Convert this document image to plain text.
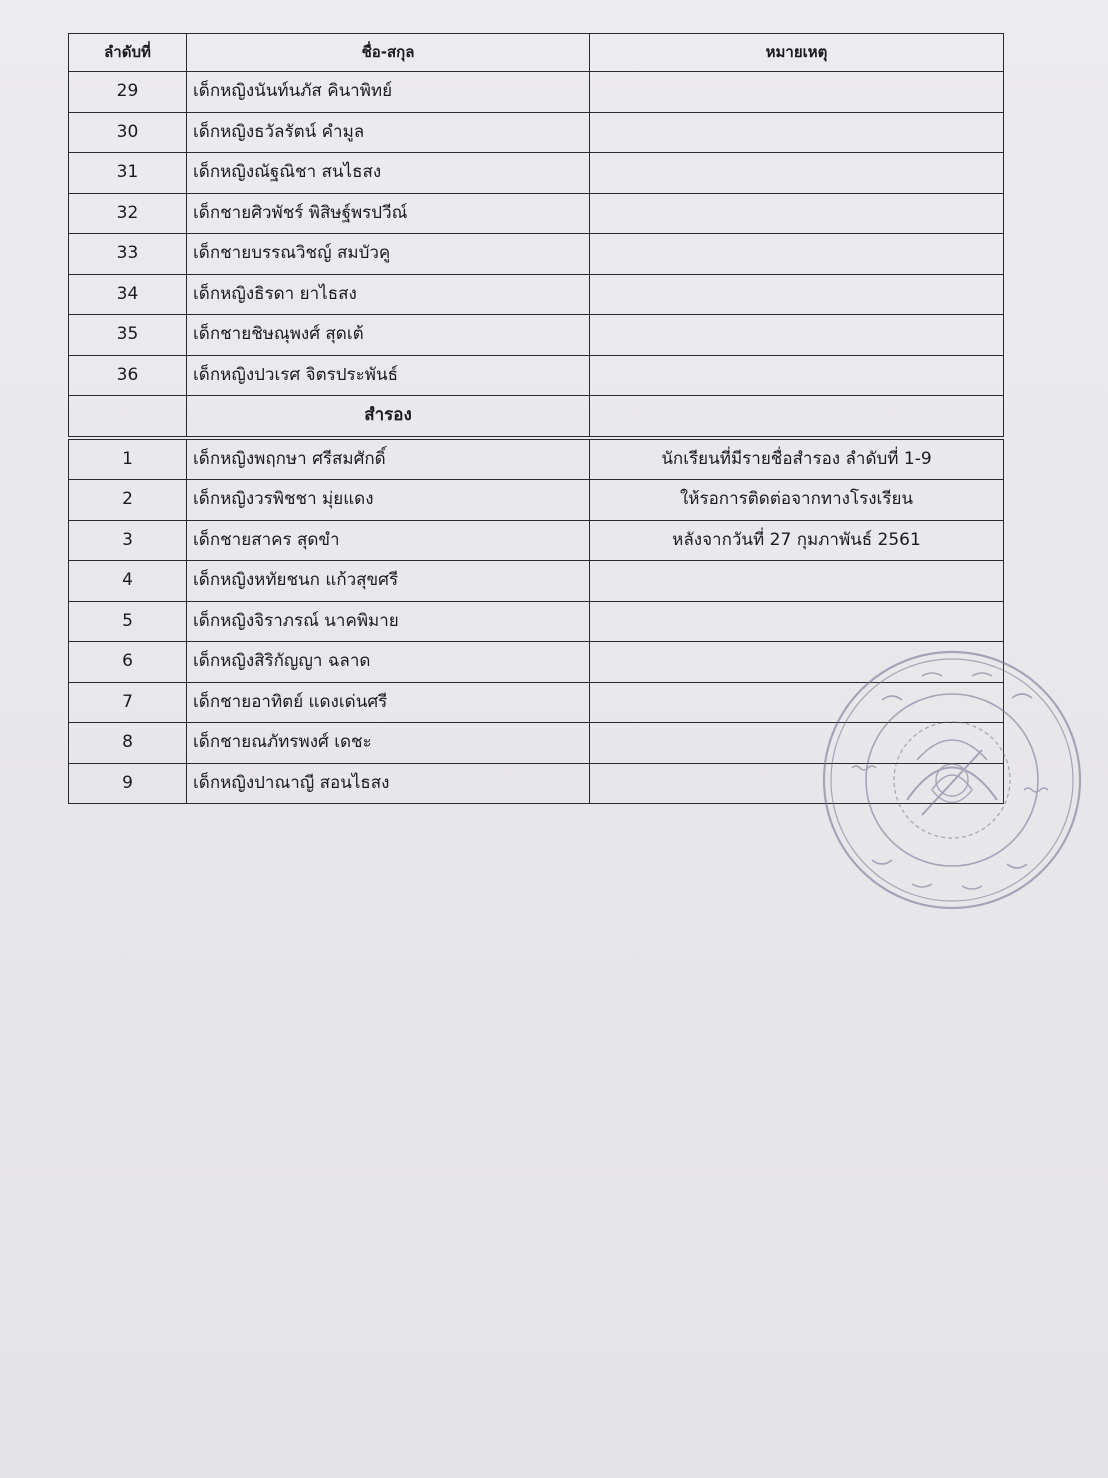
ลำดับที่	ชื่อ-สกุล	หมายเหตุ
29	เด็กหญิงนันท์นภัส คินาพิทย์	
30	เด็กหญิงธวัลรัตน์ คำมูล	
31	เด็กหญิงณัฐณิชา สนไธสง	
32	เด็กชายศิวพัชร์ พิสิษฐ์พรปวีณ์	
33	เด็กชายบรรณวิชญ์ สมบัวคู	
34	เด็กหญิงธิรดา ยาไธสง	
35	เด็กชายชิษณุพงศ์ สุดเต้	
36	เด็กหญิงปวเรศ จิตรประพันธ์	
	สำรอง	
1	เด็กหญิงพฤกษา ศรีสมศักดิ์	นักเรียนที่มีรายชื่อสำรอง ลำดับที่ 1-9
2	เด็กหญิงวรพิชชา มุ่ยแดง	ให้รอการติดต่อจากทางโรงเรียน
3	เด็กชายสาคร สุดขำ	หลังจากวันที่ 27 กุมภาพันธ์ 2561
4	เด็กหญิงหทัยชนก แก้วสุขศรี	
5	เด็กหญิงจิราภรณ์ นาคพิมาย	
6	เด็กหญิงสิริกัญญา ฉลาด	
7	เด็กชายอาทิตย์ แดงเด่นศรี	
8	เด็กชายณภัทรพงศ์ เดชะ	
9	เด็กหญิงปาณาญี สอนไธสง	
